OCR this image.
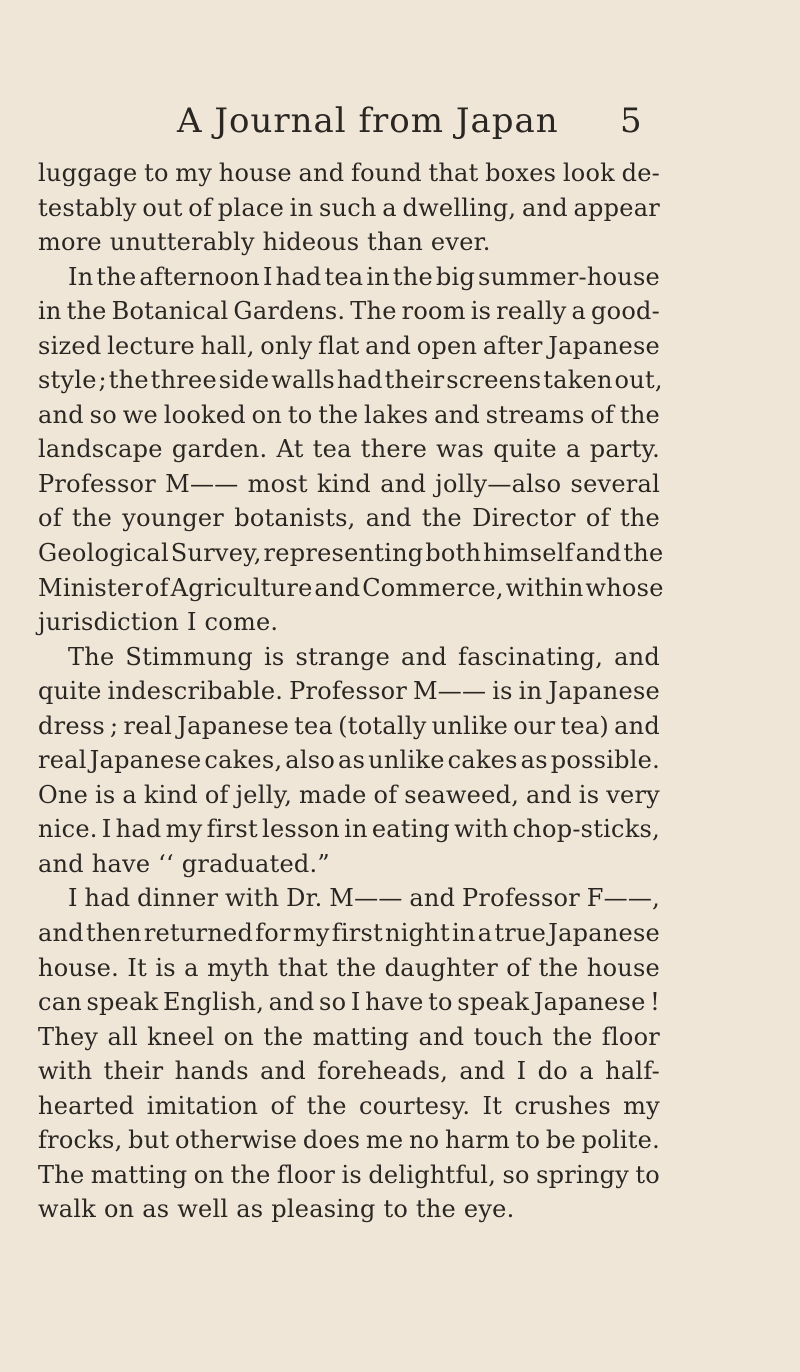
A Journal from Japan 5
luggage to my house and found that boxes look de-
testably out of place in such a dwelling, and appear
more unutterably hideous than ever.
In the afternoon I had tea in the big summer-house
in the Botanical Gardens. The room is really a good-
sized lecture hall, only flat and open after Japanese
style ; the three side walls had their screens taken out,
and so we looked on to the lakes and streams of the
landscape garden. At tea there was quite a party.
Professor M—— most kind and jolly—also several
of the younger botanists, and the Director of the
Geological Survey, representing both himself and the
Minister of Agriculture and Commerce, within whose
jurisdiction I come.
The Stimmung is strange and fascinating, and
quite indescribable. Professor M—— is in Japanese
dress ; real Japanese tea (totally unlike our tea) and
real Japanese cakes, also as unlike cakes as possible.
One is a kind of jelly, made of seaweed, and is very
nice. I had my first lesson in eating with chop-sticks,
and have ‘‘ graduated.”
I had dinner with Dr. M—— and Professor F——,
and then returned for my first night in a true Japanese
house. It is a myth that the daughter of the house
can speak English, and so I have to speak Japanese !
They all kneel on the matting and touch the floor
with their hands and foreheads, and I do a half-
hearted imitation of the courtesy. It crushes my
frocks, but otherwise does me no harm to be polite.
The matting on the floor is delightful, so springy to
walk on as well as pleasing to the eye.
